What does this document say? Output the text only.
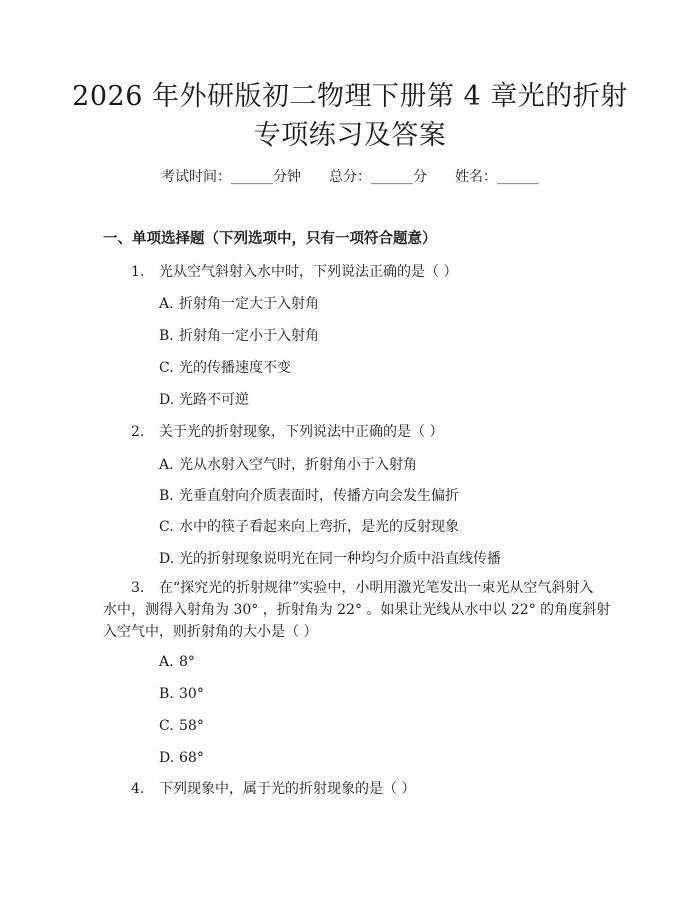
2026 年外研版初二物理下册第 4 章光的折射
专项练习及答案
考试时间：______分钟 总分：______分 姓名：______
一、单项选择题（下列选项中，只有一项符合题意）
1. 光从空气斜射入水中时，下列说法正确的是（ ）
A. 折射角一定大于入射角
B. 折射角一定小于入射角
C. 光的传播速度不变
D. 光路不可逆
2. 关于光的折射现象，下列说法中正确的是（ ）
A. 光从水射入空气时，折射角小于入射角
B. 光垂直射向介质表面时，传播方向会发生偏折
C. 水中的筷子看起来向上弯折，是光的反射现象
D. 光的折射现象说明光在同一种均匀介质中沿直线传播
3. 在“探究光的折射规律”实验中，小明用激光笔发出一束光从空气斜射入
水中，测得入射角为 30° ，折射角为 22° 。如果让光线从水中以 22° 的角度斜射
入空气中，则折射角的大小是（ ）
A. 8°
B. 30°
C. 58°
D. 68°
4. 下列现象中，属于光的折射现象的是（ ）
